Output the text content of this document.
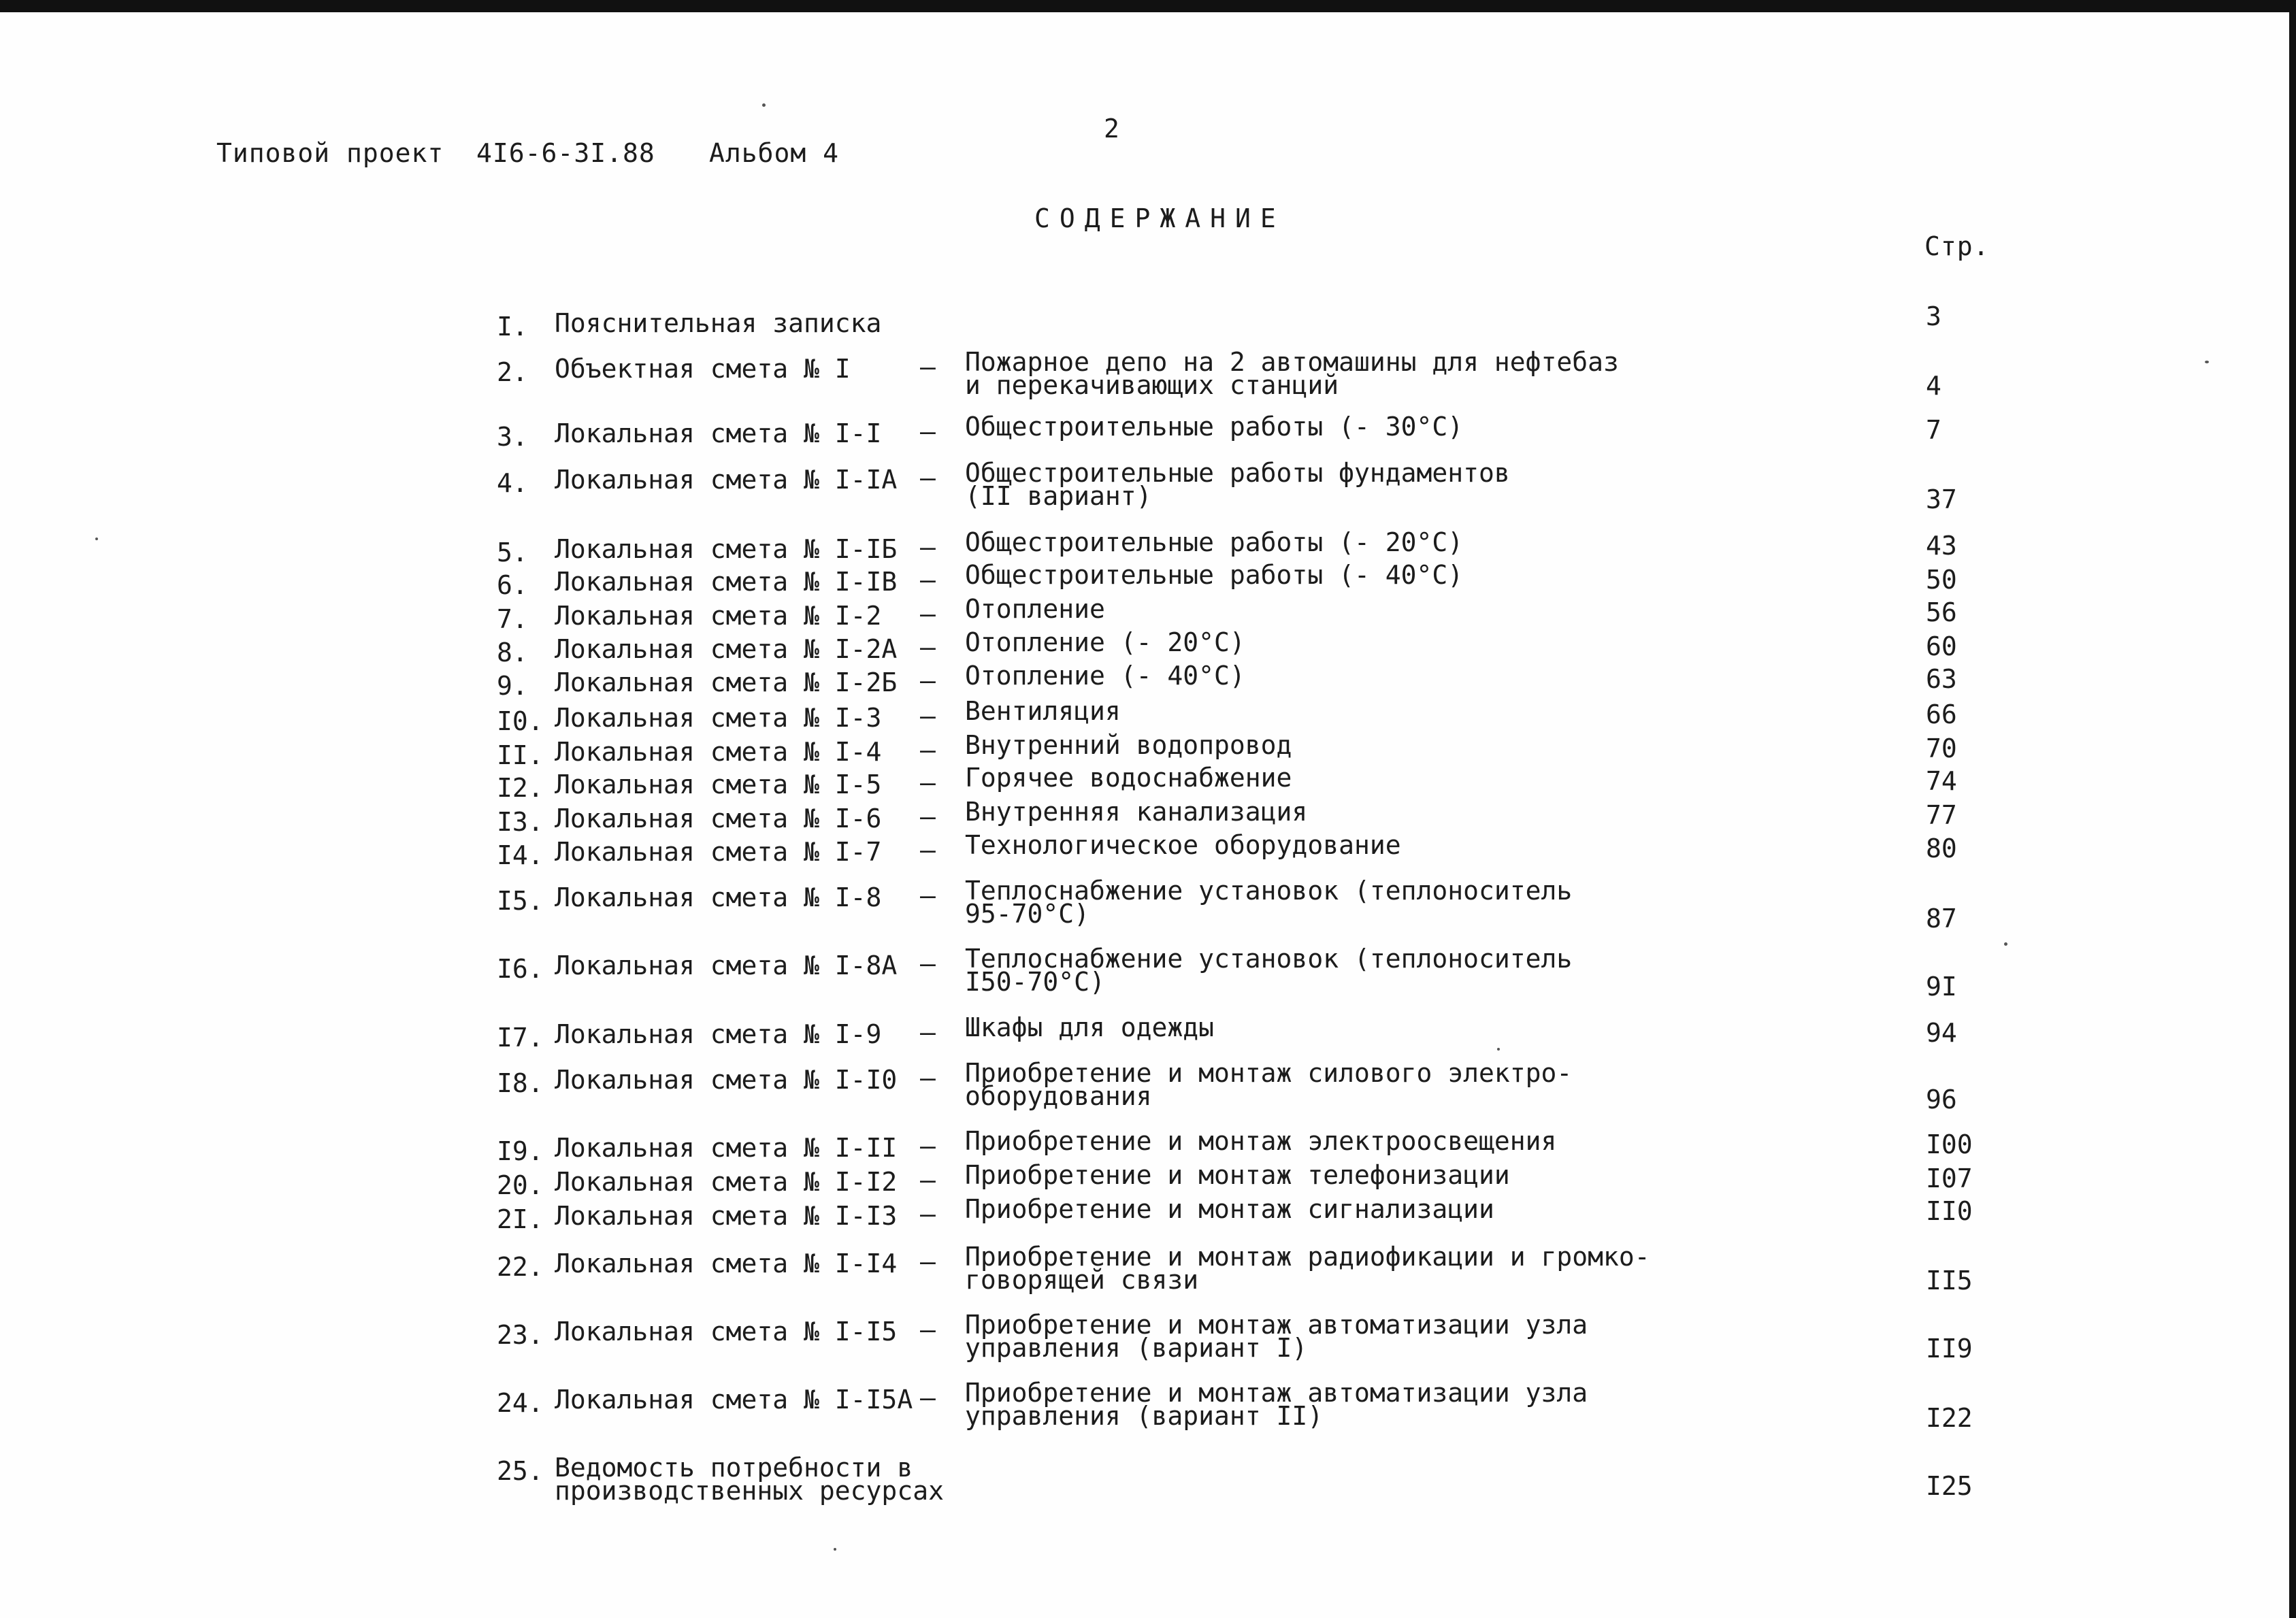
2
Типовой проект  4I6-6-3I.88 Альбом 4
СОДЕРЖАНИЕ
Стр.
I. Пояснительная записка	3
2. Объектная смета № I	– Пожарное депо на 2 автомашины для нефтебаз
и перекачивающих станций	4
3. Локальная смета № I-I – Общестроительные работы (- 30°C)	7
4. Локальная смета № I-IA – Общестроительные работы фундаментов
(II вариант)	37
5. Локальная смета № I-IБ – Общестроительные работы (- 20°C)	43
6. Локальная смета № I-IВ – Общестроительные работы (- 40°C)	50
7. Локальная смета № I-2 – Отопление	56
8. Локальная смета № I-2А – Отопление (- 20°C)	60
9. Локальная смета № I-2Б – Отопление (- 40°C)	63
I0. Локальная смета № I-3 – Вентиляция	66
II. Локальная смета № I-4 – Внутренний водопровод	70
I2. Локальная смета № I-5 – Горячее водоснабжение	74
I3. Локальная смета № I-6 – Внутренняя канализация	77
I4. Локальная смета № I-7 – Технологическое оборудование	80
I5. Локальная смета № I-8 – Теплоснабжение установок (теплоноситель
95-70°C)	87
I6. Локальная смета № I-8А – Теплоснабжение установок (теплоноситель
I50-70°C)	9I
I7. Локальная смета № I-9 – Шкафы для одежды	94
I8. Локальная смета № I-I0 – Приобретение и монтаж силового электро-
оборудования	96
I9. Локальная смета № I-II – Приобретение и монтаж электроосвещения	I00
20. Локальная смета № I-I2 – Приобретение и монтаж телефонизации	I07
2I. Локальная смета № I-I3 – Приобретение и монтаж сигнализации	II0
22. Локальная смета № I-I4 – Приобретение и монтаж радиофикации и громко-
говорящей связи	II5
23. Локальная смета № I-I5 – Приобретение и монтаж автоматизации узла
управления (вариант I)	II9
24. Локальная смета № I-I5А – Приобретение и монтаж автоматизации узла
управления (вариант II)	I22
25. Ведомость потребности в
производственных ресурсах	I25
